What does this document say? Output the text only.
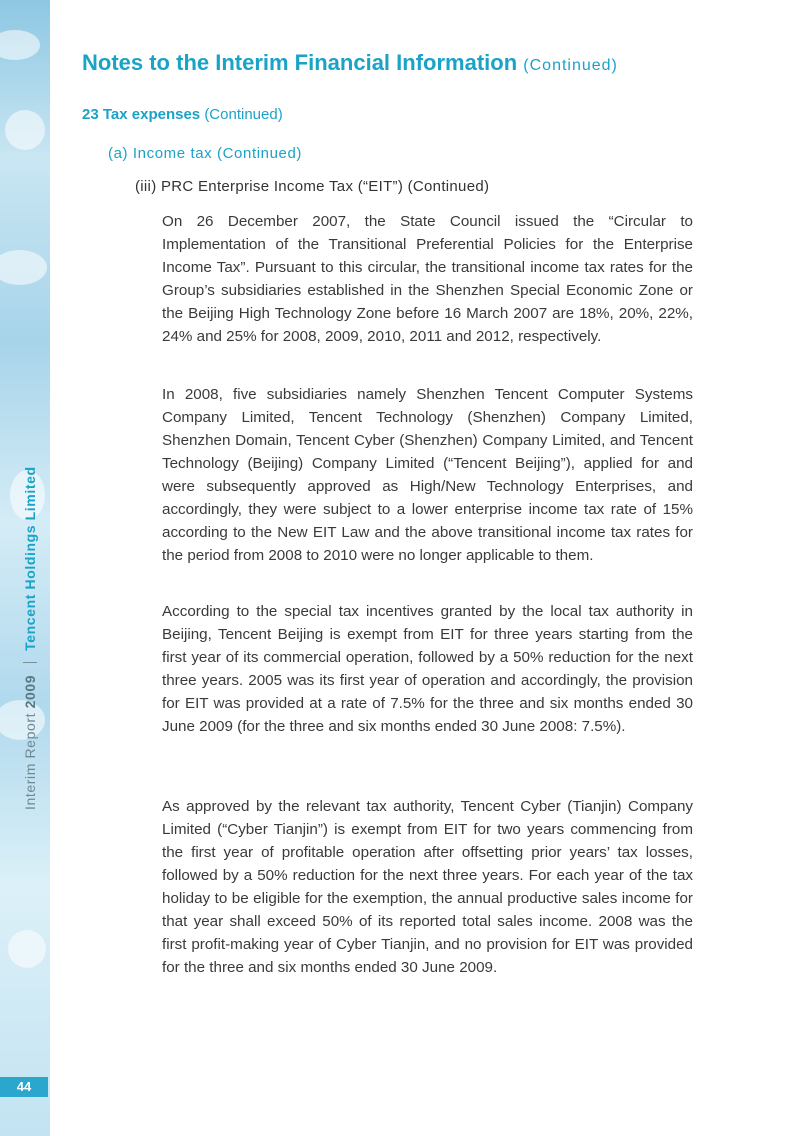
Interim Report 2009  Tencent Holdings Limited
44
Notes to the Interim Financial Information (Continued)
23 Tax expenses (Continued)
(a) Income tax (Continued)
(iii) PRC Enterprise Income Tax (“EIT”) (Continued)

On 26 December 2007, the State Council issued the “Circular to Implementation of the Transitional Preferential Policies for the Enterprise Income Tax”. Pursuant to this circular, the transitional income tax rates for the Group’s subsidiaries established in the Shenzhen Special Economic Zone or the Beijing High Technology Zone before 16 March 2007 are 18%, 20%, 22%, 24% and 25% for 2008, 2009, 2010, 2011 and 2012, respectively.

In 2008, five subsidiaries namely Shenzhen Tencent Computer Systems Company Limited, Tencent Technology (Shenzhen) Company Limited, Shenzhen Domain, Tencent Cyber (Shenzhen) Company Limited, and Tencent Technology (Beijing) Company Limited (“Tencent Beijing”), applied for and were subsequently approved as High/New Technology Enterprises, and accordingly, they were subject to a lower enterprise income tax rate of 15% according to the New EIT Law and the above transitional income tax rates for the period from 2008 to 2010 were no longer applicable to them.

According to the special tax incentives granted by the local tax authority in Beijing, Tencent Beijing is exempt from EIT for three years starting from the first year of its commercial operation, followed by a 50% reduction for the next three years. 2005 was its first year of operation and accordingly, the provision for EIT was provided at a rate of 7.5% for the three and six months ended 30 June 2009 (for the three and six months ended 30 June 2008: 7.5%).

As approved by the relevant tax authority, Tencent Cyber (Tianjin) Company Limited (“Cyber Tianjin”) is exempt from EIT for two years commencing from the first year of profitable operation after offsetting prior years’ tax losses, followed by a 50% reduction for the next three years. For each year of the tax holiday to be eligible for the exemption, the annual productive sales income for that year shall exceed 50% of its reported total sales income. 2008 was the first profit-making year of Cyber Tianjin, and no provision for EIT was provided for the three and six months ended 30 June 2009.
